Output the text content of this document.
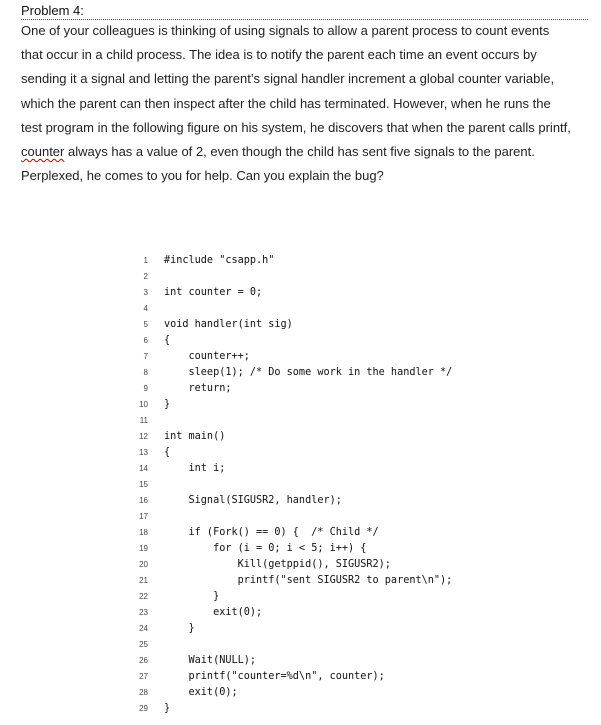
Problem 4:
One of your colleagues is thinking of using signals to allow a parent process to count events
that occur in a child process. The idea is to notify the parent each time an event occurs by
sending it a signal and letting the parent’s signal handler increment a global counter variable,
which the parent can then inspect after the child has terminated. However, when he runs the
test program in the following figure on his system, he discovers that when the parent calls printf,
counter always has a value of 2, even though the child has sent five signals to the parent.
Perplexed, he comes to you for help. Can you explain the bug?
1 #include "csapp.h"
2
3 int counter = 0;
4
5 void handler(int sig)
6 {
7 counter++;
8 sleep(1); /* Do some work in the handler */
9 return;
10 }
11
12 int main()
13 {
14 int i;
15
16 Signal(SIGUSR2, handler);
17
18 if (Fork() == 0) {  /* Child */
19 for (i = 0; i < 5; i++) {
20 Kill(getppid(), SIGUSR2);
21 printf("sent SIGUSR2 to parent\n");
22 }
23 exit(0);
24 }
25
26 Wait(NULL);
27 printf("counter=%d\n", counter);
28 exit(0);
29 }
